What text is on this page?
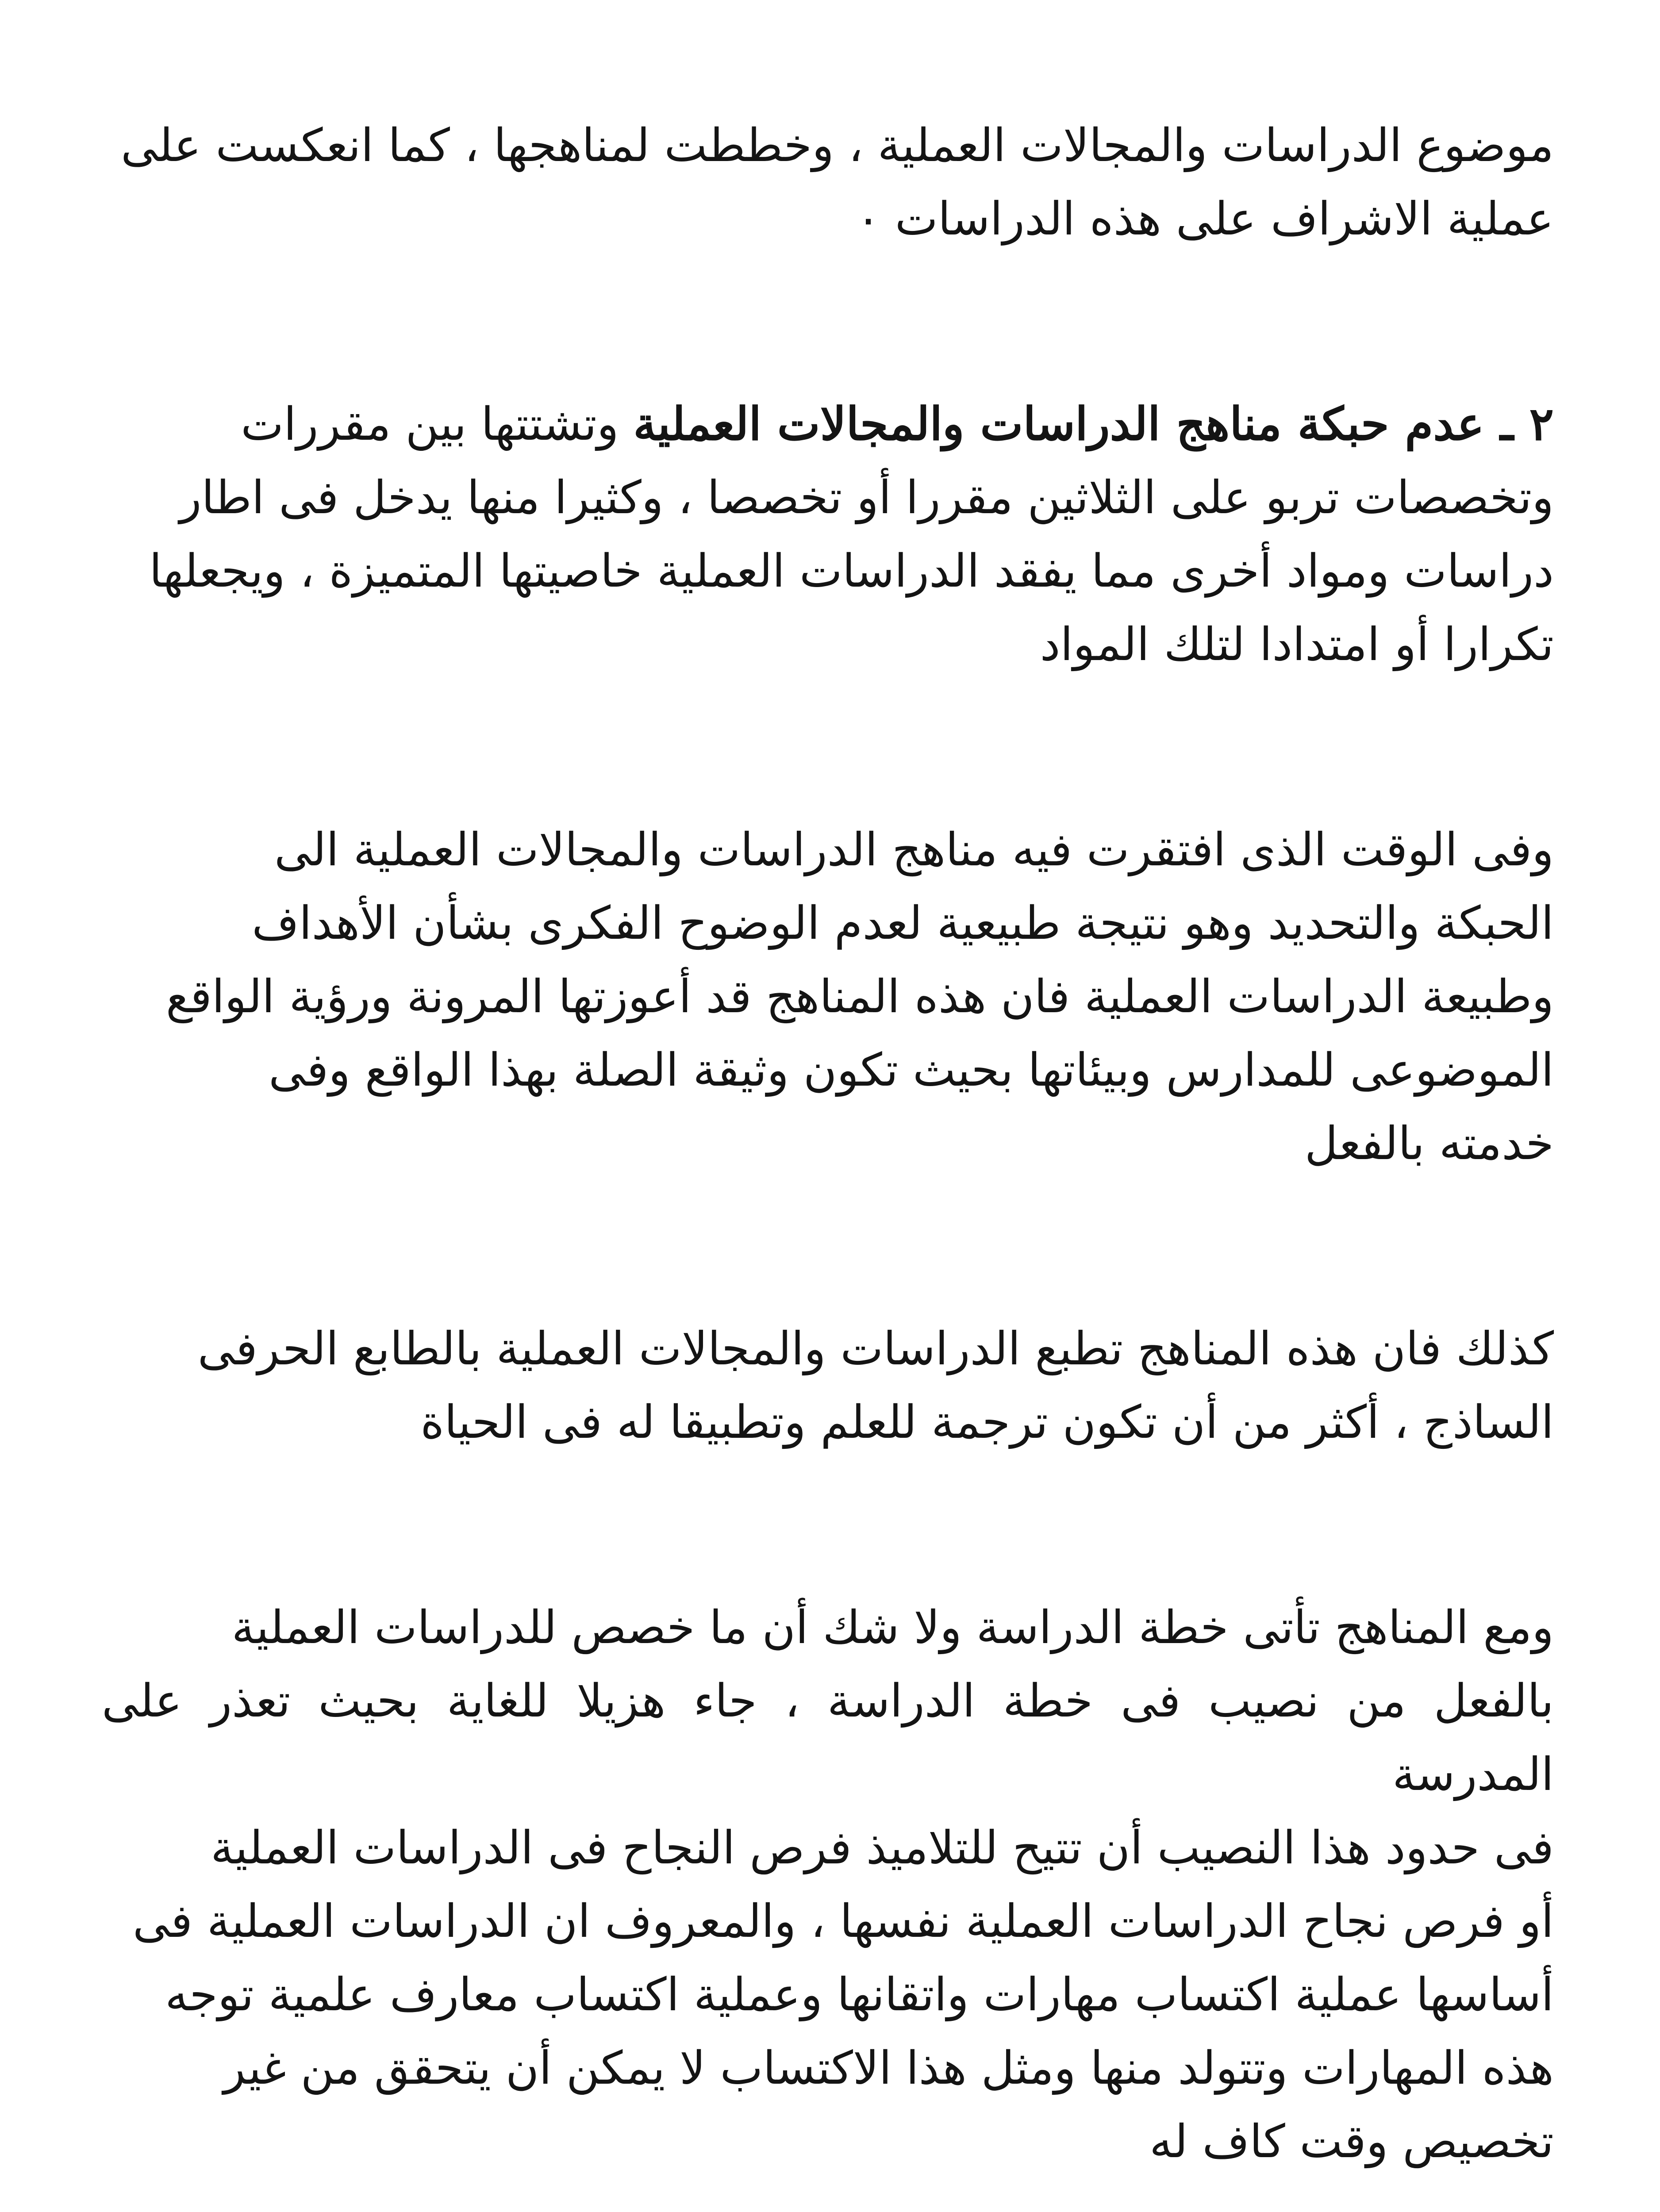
موضوع الدراسات والمجالات العملية ، وخططت لمناهجها ، كما انعكست على
عملية الاشراف على هذه الدراسات ٠

٢ ـ عدم حبكة مناهج الدراسات والمجالات العملية وتشتتها بين مقررات
وتخصصات تربو على الثلاثين مقررا أو تخصصا ، وكثيرا منها يدخل فى اطار
دراسات ومواد أخرى مما يفقد الدراسات العملية خاصيتها المتميزة ، ويجعلها
تكرارا أو امتدادا لتلك المواد

وفى الوقت الذى افتقرت فيه مناهج الدراسات والمجالات العملية الى
الحبكة والتحديد وهو نتيجة طبيعية لعدم الوضوح الفكرى بشأن الأهداف
وطبيعة الدراسات العملية فان هذه المناهج قد أعوزتها المرونة ورؤية الواقع
الموضوعى للمدارس وبيئاتها بحيث تكون وثيقة الصلة بهذا الواقع وفى
خدمته بالفعل

كذلك فان هذه المناهج تطبع الدراسات والمجالات العملية بالطابع الحرفى
الساذج ، أكثر من أن تكون ترجمة للعلم وتطبيقا له فى الحياة

ومع المناهج تأتى خطة الدراسة ولا شك أن ما خصص للدراسات العملية
بالفعل من نصيب فى خطة الدراسة ، جاء هزيلا للغاية بحيث تعذر على المدرسة
فى حدود هذا النصيب أن تتيح للتلاميذ فرص النجاح فى الدراسات العملية
أو فرص نجاح الدراسات العملية نفسها ، والمعروف ان الدراسات العملية فى
أساسها عملية اكتساب مهارات واتقانها وعملية اكتساب معارف علمية توجه
هذه المهارات وتتولد منها ومثل هذا الاكتساب لا يمكن أن يتحقق من غير
تخصيص وقت كاف له
